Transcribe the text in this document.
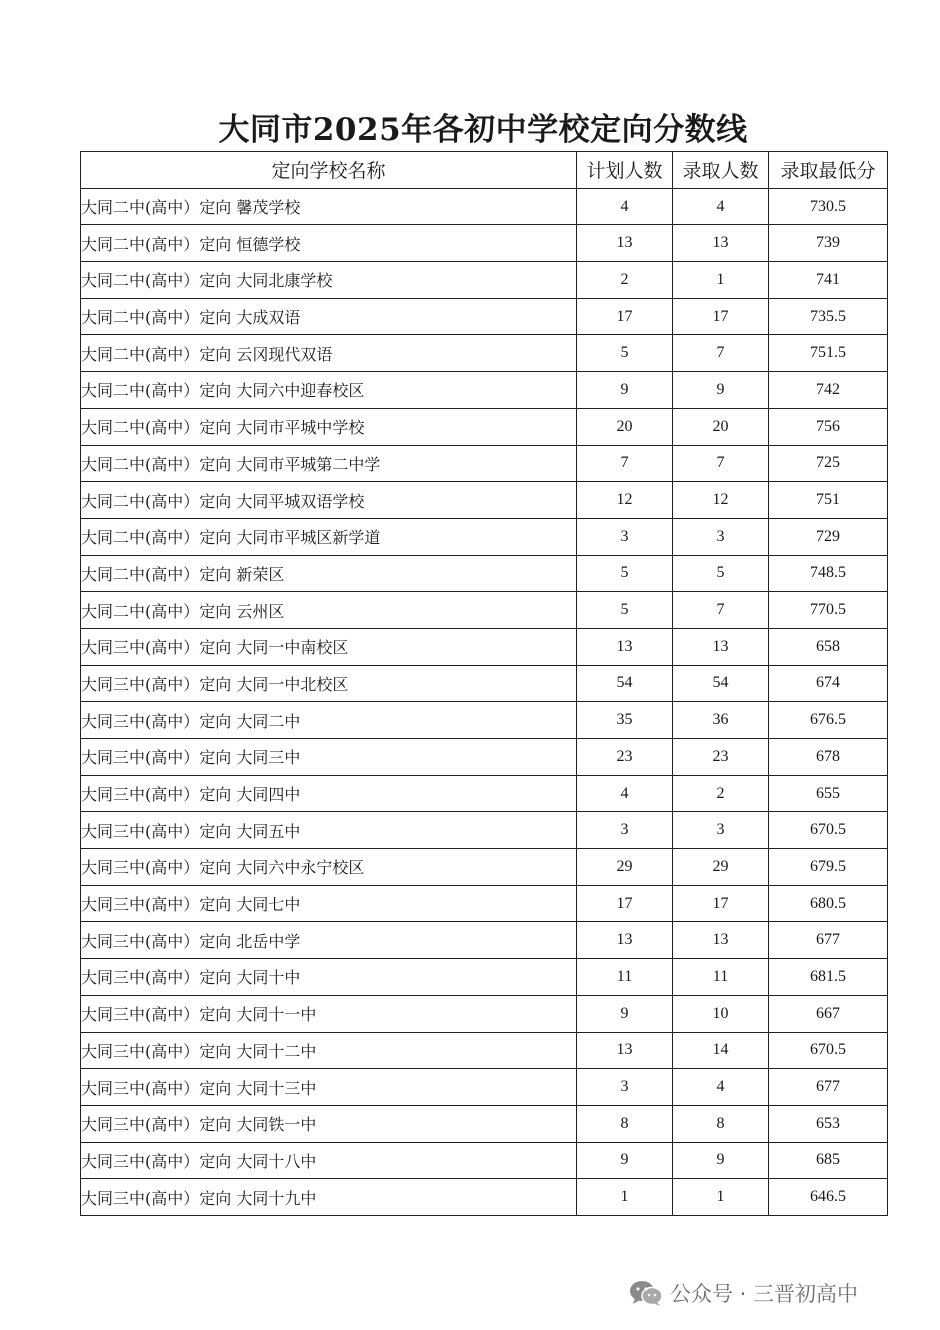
大同市2025年各初中学校定向分数线
定向学校名称	计划人数	录取人数	录取最低分
大同二中(高中）定向 馨茂学校	4	4	730.5
大同二中(高中）定向 恒德学校	13	13	739
大同二中(高中）定向 大同北康学校	2	1	741
大同二中(高中）定向 大成双语	17	17	735.5
大同二中(高中）定向 云冈现代双语	5	7	751.5
大同二中(高中）定向 大同六中迎春校区	9	9	742
大同二中(高中）定向 大同市平城中学校	20	20	756
大同二中(高中）定向 大同市平城第二中学	7	7	725
大同二中(高中）定向 大同平城双语学校	12	12	751
大同二中(高中）定向 大同市平城区新学道	3	3	729
大同二中(高中）定向 新荣区	5	5	748.5
大同二中(高中）定向 云州区	5	7	770.5
大同三中(高中）定向 大同一中南校区	13	13	658
大同三中(高中）定向 大同一中北校区	54	54	674
大同三中(高中）定向 大同二中	35	36	676.5
大同三中(高中）定向 大同三中	23	23	678
大同三中(高中）定向 大同四中	4	2	655
大同三中(高中）定向 大同五中	3	3	670.5
大同三中(高中）定向 大同六中永宁校区	29	29	679.5
大同三中(高中）定向 大同七中	17	17	680.5
大同三中(高中）定向 北岳中学	13	13	677
大同三中(高中）定向 大同十中	11	11	681.5
大同三中(高中）定向 大同十一中	9	10	667
大同三中(高中）定向 大同十二中	13	14	670.5
大同三中(高中）定向 大同十三中	3	4	677
大同三中(高中）定向 大同铁一中	8	8	653
大同三中(高中）定向 大同十八中	9	9	685
大同三中(高中）定向 大同十九中	1	1	646.5
公众号 · 三晋初高中
